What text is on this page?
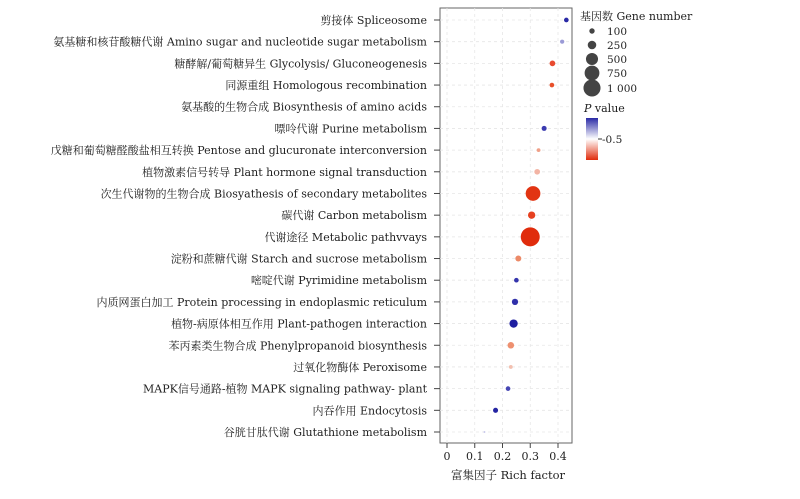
剪接体 Spliceosome
氨基糖和核苷酸糖代谢 Amino sugar and nucleotide sugar metabolism
糖酵解/葡萄糖异生 Glycolysis/ Gluconeogenesis
同源重组 Homologous recombination
氨基酸的生物合成 Biosynthesis of amino acids
嘌呤代谢 Purine metabolism
戊糖和葡萄糖醛酸盐相互转换 Pentose and glucuronate interconversion
植物激素信号转导 Plant hormone signal transduction
次生代谢物的生物合成 Biosyathesis of secondary metabolites
碳代谢 Carbon metabolism
代谢途径 Metabolic pathvvays
淀粉和蔗糖代谢 Starch and sucrose metabolism
嘧啶代谢 Pyrimidine metabolism
内质网蛋白加工 Protein processing in endoplasmic reticulum
植物-病原体相互作用 Plant-pathogen interaction
苯丙素类生物合成 Phenylpropanoid biosynthesis
过氧化物酶体 Peroxisome
MAPK信号通路-植物 MAPK signaling pathway- plant
内吞作用 Endocytosis
谷胱甘肽代谢 Glutathione metabolism
0 0.1 0.2 0.3 0.4
富集因子 Rich factor
基因数 Gene number
100
250
500
750
1 000
P value
-0.5
